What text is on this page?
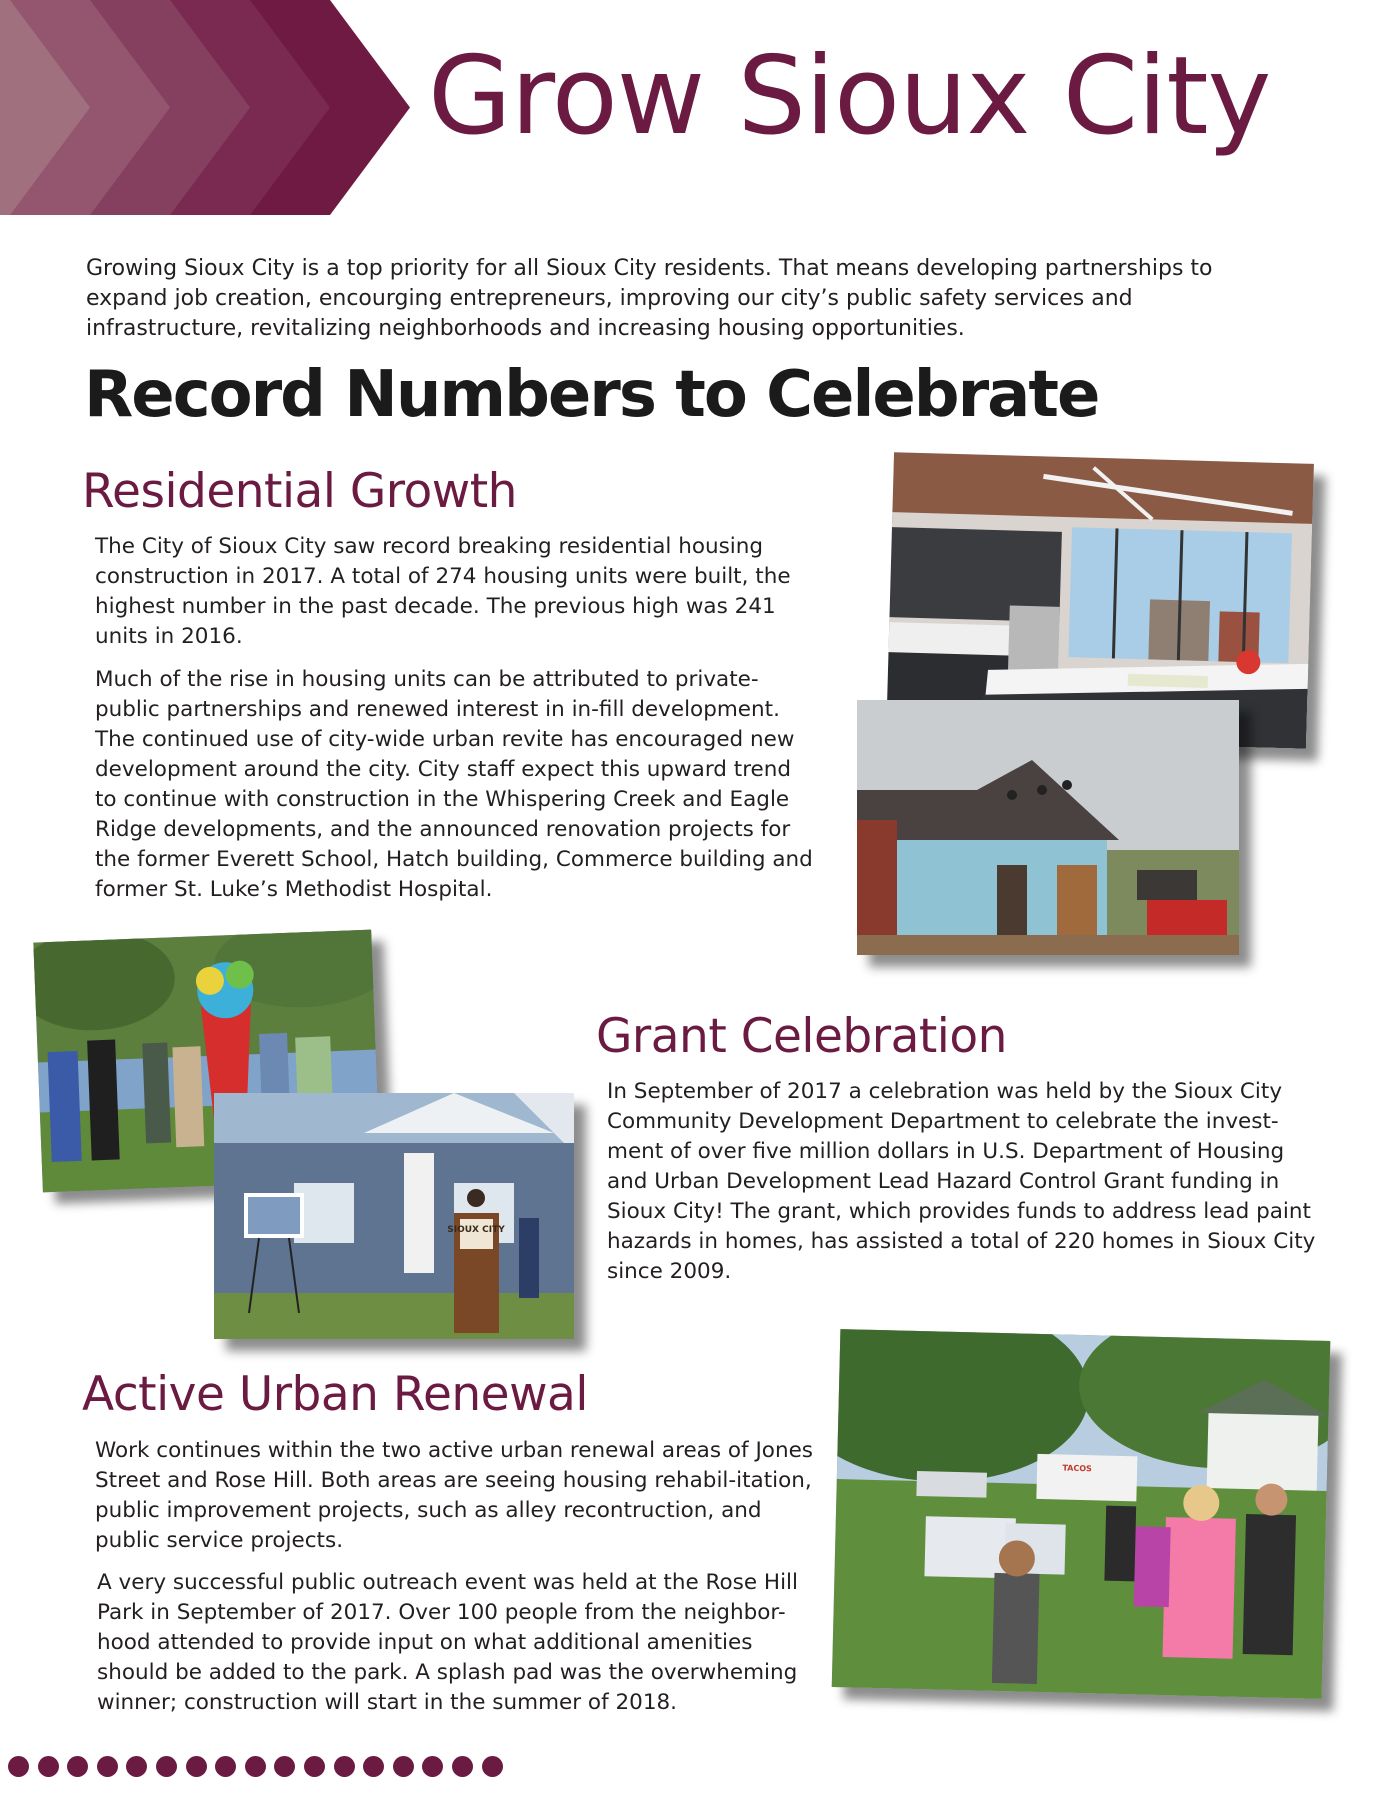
Grow Sioux City

Growing Sioux City is a top priority for all Sioux City residents. That means developing partnerships to expand job creation, encourging entrepreneurs, improving our city’s public safety services and infrastructure, revitalizing neighborhoods and increasing housing opportunities.

Record Numbers to Celebrate
Residential Growth

The City of Sioux City saw record breaking residential housing construction in 2017. A total of 274 housing units were built, the highest number in the past decade. The previous high was 241 units in 2016.

Much of the rise in housing units can be attributed to private-public partnerships and renewed interest in in-fill development. The continued use of city-wide urban revite has encouraged new development around the city. City staff expect this upward trend to continue with construction in the Whispering Creek and Eagle Ridge developments, and the announced renovation projects for the former Everett School, Hatch building, Commerce building and former St. Luke’s Methodist Hospital.

Grant Celebration

In September of 2017 a celebration was held by the Sioux City Community Development Department to celebrate the invest-ment of over five million dollars in U.S. Department of Housing and Urban Development Lead Hazard Control Grant funding in Sioux City! The grant, which provides funds to address lead paint hazards in homes, has assisted a total of 220 homes in Sioux City since 2009.

SIOUX CITY
Active Urban Renewal

Work continues within the two active urban renewal areas of Jones Street and Rose Hill. Both areas are seeing housing rehabil-itation, public improvement projects, such as alley recontruction, and public service projects.

A very successful public outreach event was held at the Rose Hill Park in September of 2017. Over 100 people from the neighbor-hood attended to provide input on what additional amenities should be added to the park. A splash pad was the overwheming winner; construction will start in the summer of 2018.

TACOS
